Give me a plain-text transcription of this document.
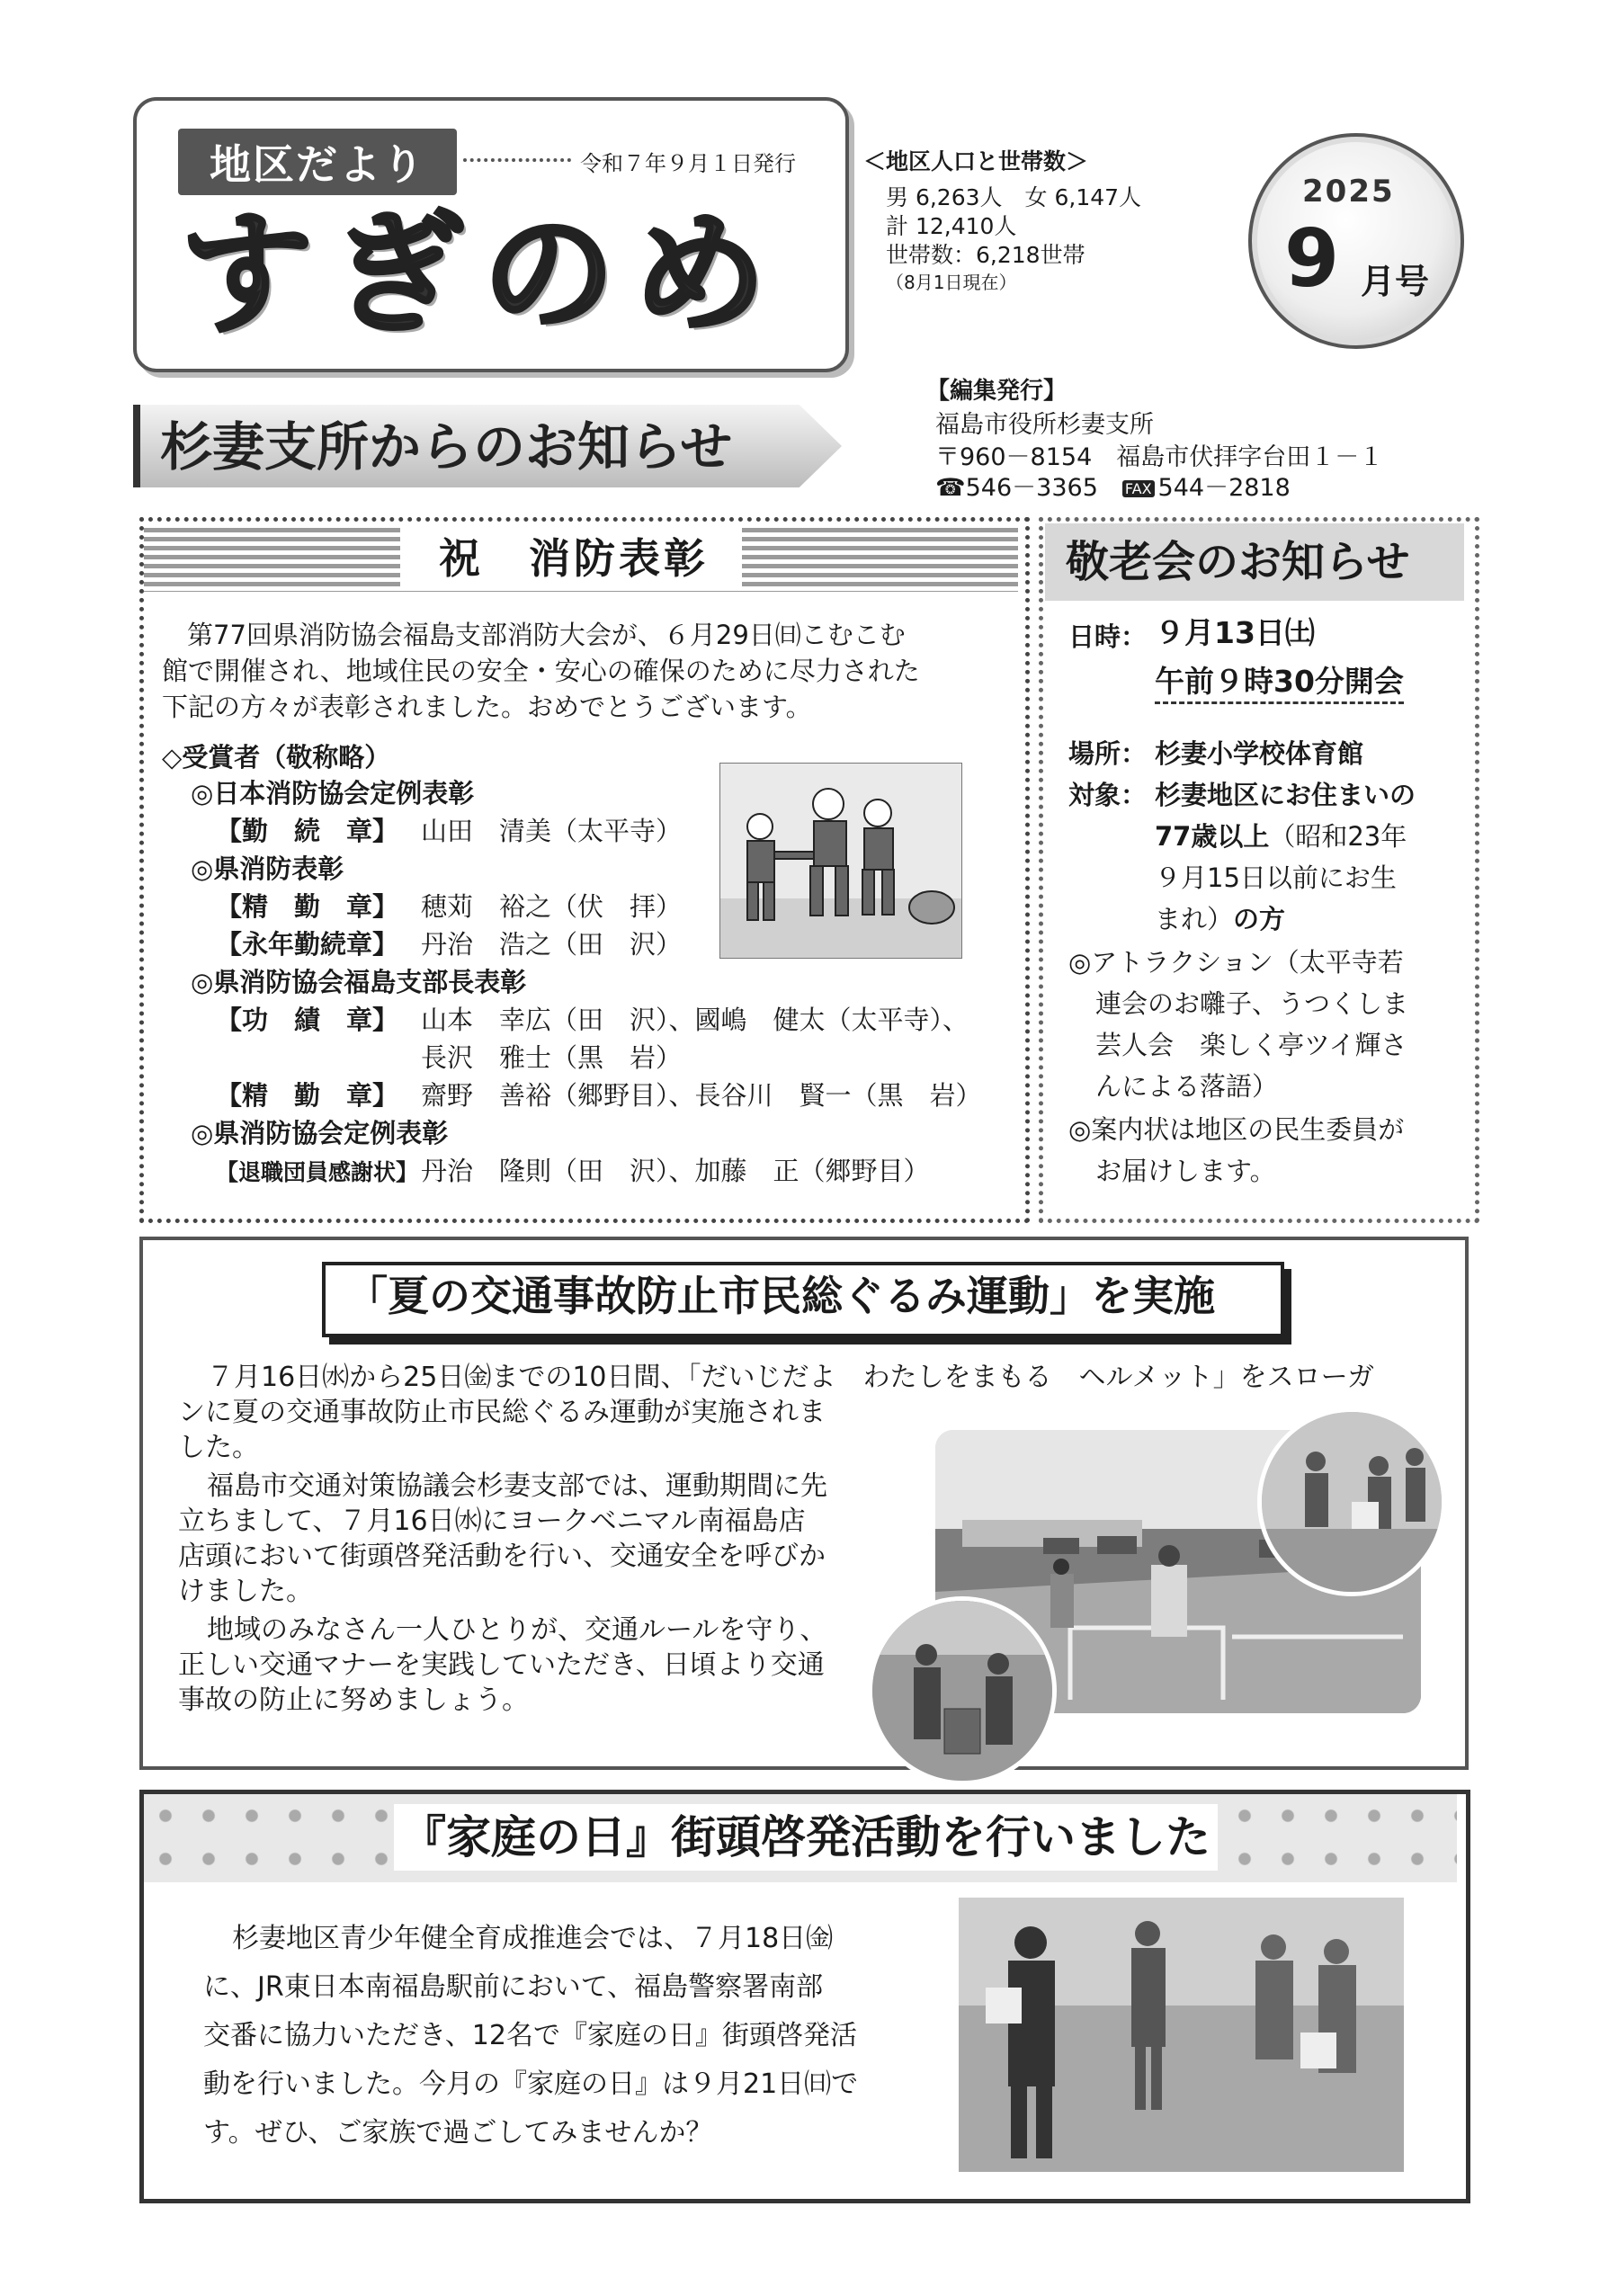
地区だより	令和７年９月１日発行
すぎのめ
＜地区人口と世帯数＞
男 6,263人　女 6,147人
計 12,410人
世帯数：6,218世帯
（8月1日現在）
2025
9 月号
杉妻支所からのお知らせ
【編集発行】
福島市役所杉妻支所
〒960－8154　福島市伏拝字台田１－１
☎546－3365　FAX 544－2818
祝　消防表彰
第77回県消防協会福島支部消防大会が、６月29日㈰こむこむ
館で開催され、地域住民の安全・安心の確保のために尽力された
下記の方々が表彰されました。おめでとうございます。
◇受賞者（敬称略）
◎日本消防協会定例表彰
【勤　続　章】 山田　清美（太平寺）
◎県消防表彰
【精　勤　章】 穂苅　裕之（伏　拝）
【永年勤続章】 丹治　浩之（田　沢）
◎県消防協会福島支部長表彰
【功　績　章】 山本　幸広（田　沢）、國嶋　健太（太平寺）、
長沢　雅士（黒　岩）
【精　勤　章】 齋野　善裕（郷野目）、長谷川　賢一（黒　岩）
◎県消防協会定例表彰
【退職団員感謝状】 丹治　隆則（田　沢）、加藤　正（郷野目）
敬老会のお知らせ
日時： ９月13日㈯
午前９時30分開会
場所： 杉妻小学校体育館
対象： 杉妻地区にお住まいの
77歳以上（昭和23年
９月15日以前にお生
まれ）の方
◎アトラクション（太平寺若
連会のお囃子、うつくしま
芸人会　楽しく亭ツイ輝さ
んによる落語）
◎案内状は地区の民生委員が
お届けします。
「夏の交通事故防止市民総ぐるみ運動」を実施
７月16日㈬から25日㈮までの10日間、「だいじだよ　わたしをまもる　ヘルメット」をスローガ
ンに夏の交通事故防止市民総ぐるみ運動が実施されま
した。
福島市交通対策協議会杉妻支部では、運動期間に先
立ちまして、７月16日㈬にヨークベニマル南福島店
店頭において街頭啓発活動を行い、交通安全を呼びか
けました。
地域のみなさん一人ひとりが、交通ルールを守り、
正しい交通マナーを実践していただき、日頃より交通
事故の防止に努めましょう。
『家庭の日』街頭啓発活動を行いました
杉妻地区青少年健全育成推進会では、７月18日㈮
に、JR東日本南福島駅前において、福島警察署南部
交番に協力いただき、12名で『家庭の日』街頭啓発活
動を行いました。今月の『家庭の日』は９月21日㈰で
す。ぜひ、ご家族で過ごしてみませんか？
